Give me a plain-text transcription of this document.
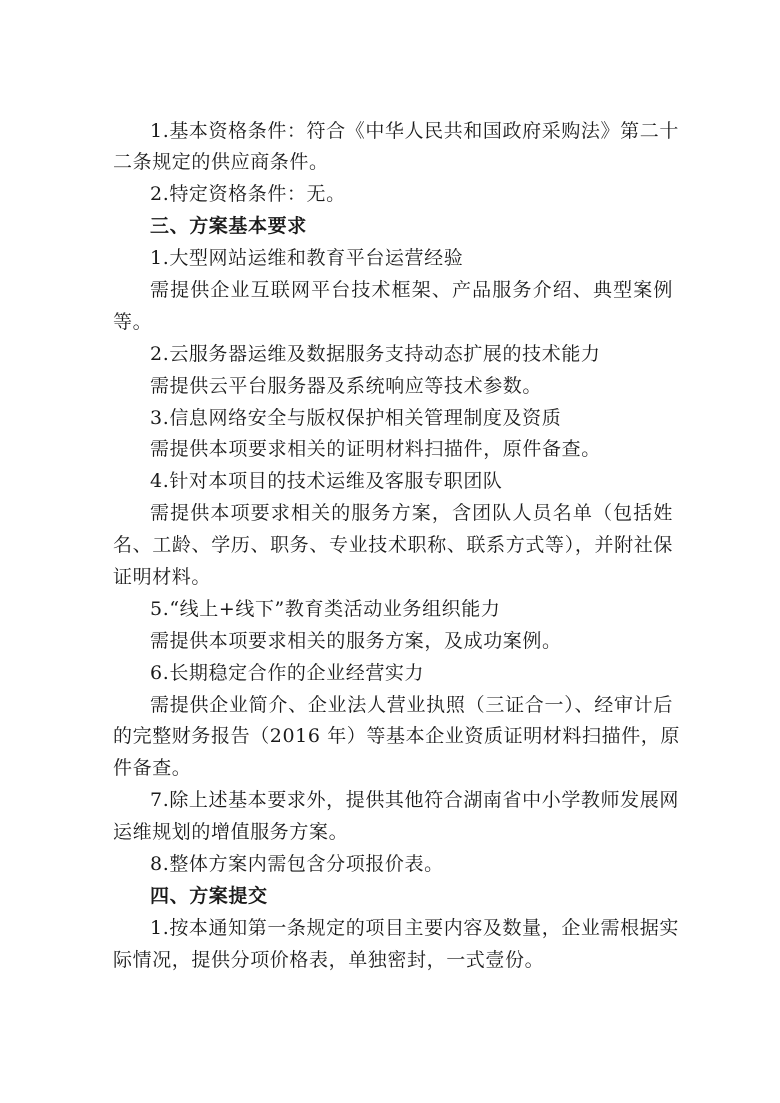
1.基本资格条件：符合《中华人民共和国政府采购法》第二十
二条规定的供应商条件。
2.特定资格条件：无。
三、方案基本要求
1.大型网站运维和教育平台运营经验
需提供企业互联网平台技术框架、产品服务介绍、典型案例
等。
2.云服务器运维及数据服务支持动态扩展的技术能力
需提供云平台服务器及系统响应等技术参数。
3.信息网络安全与版权保护相关管理制度及资质
需提供本项要求相关的证明材料扫描件，原件备查。
4.针对本项目的技术运维及客服专职团队
需提供本项要求相关的服务方案，含团队人员名单（包括姓
名、工龄、学历、职务、专业技术职称、联系方式等），并附社保
证明材料。
5.“线上+线下”教育类活动业务组织能力
需提供本项要求相关的服务方案，及成功案例。
6.长期稳定合作的企业经营实力
需提供企业简介、企业法人营业执照（三证合一）、经审计后
的完整财务报告（2016 年）等基本企业资质证明材料扫描件，原
件备查。
7.除上述基本要求外，提供其他符合湖南省中小学教师发展网
运维规划的增值服务方案。
8.整体方案内需包含分项报价表。
四、方案提交
1.按本通知第一条规定的项目主要内容及数量，企业需根据实
际情况，提供分项价格表，单独密封，一式壹份。
